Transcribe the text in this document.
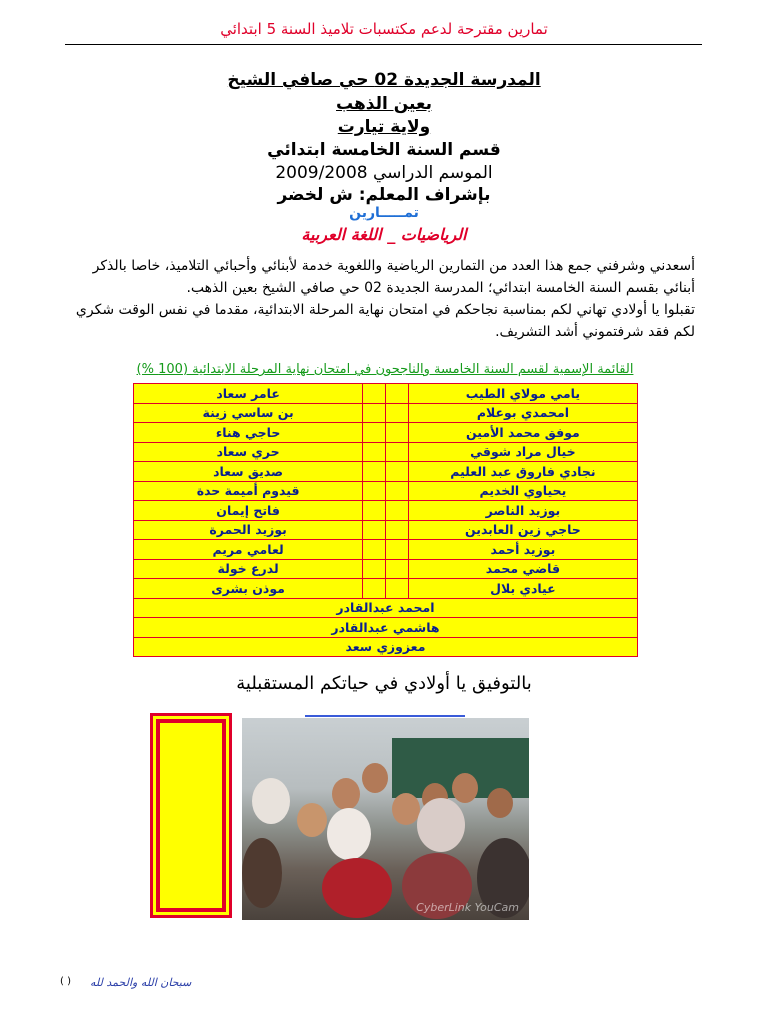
تمارين مقترحة لدعم مكتسبات تلاميذ السنة 5 ابتدائي
المدرسة الجديدة 02 حي صافي الشيخ
بعين الذهب
ولاية تيارت
قسم السنة الخامسة ابتدائي
الموسم الدراسي 2009/2008
بإشراف المعلم: ش لخضر
تمـــــارين
الرياضيات _ اللغة العربية

أسعدني وشرفني جمع هذا العدد من التمارين الرياضية واللغوية خدمة لأبنائي وأحبائي التلاميذ، خاصا بالذكر

أبنائي بقسم السنة الخامسة ابتدائي؛ المدرسة الجديدة 02 حي صافي الشيخ بعين الذهب.

تقبلوا يا أولادي تهاني لكم بمناسبة نجاحكم في امتحان نهاية المرحلة الابتدائية، مقدما في نفس الوقت شكري

لكم فقد شرفتموني أشد التشريف.

القائمة الإسمية لقسم السنة الخامسة والناجحون في امتحان نهاية المرحلة الابتدائية (100 %)
يامي مولاي الطيب			عامر سعاد
امحمدي بوعلام			بن ساسي زينة
موفق محمد الأمين			حاجي هناء
خيال مراد شوقي			حري سعاد
نجادي فاروق عبد العليم			صديق سعاد
يحياوي الخديم			قيدوم أميمة حدة
بوزيد الناصر			فاتح إيمان
حاجي زين العابدين			بوزيد الحمرة
بوزيد أحمد			لعامي مريم
قاضي محمد			لدرع خولة
عيادي بلال			موذن بشرى
امحمد عبدالقادر			
هاشمي عبدالقادر			
معزوزي سعد			
بالتوفيق يا أولادي في حياتكم المستقبلية
CyberLink YouCam
سبحان الله والحمد لله
( )
